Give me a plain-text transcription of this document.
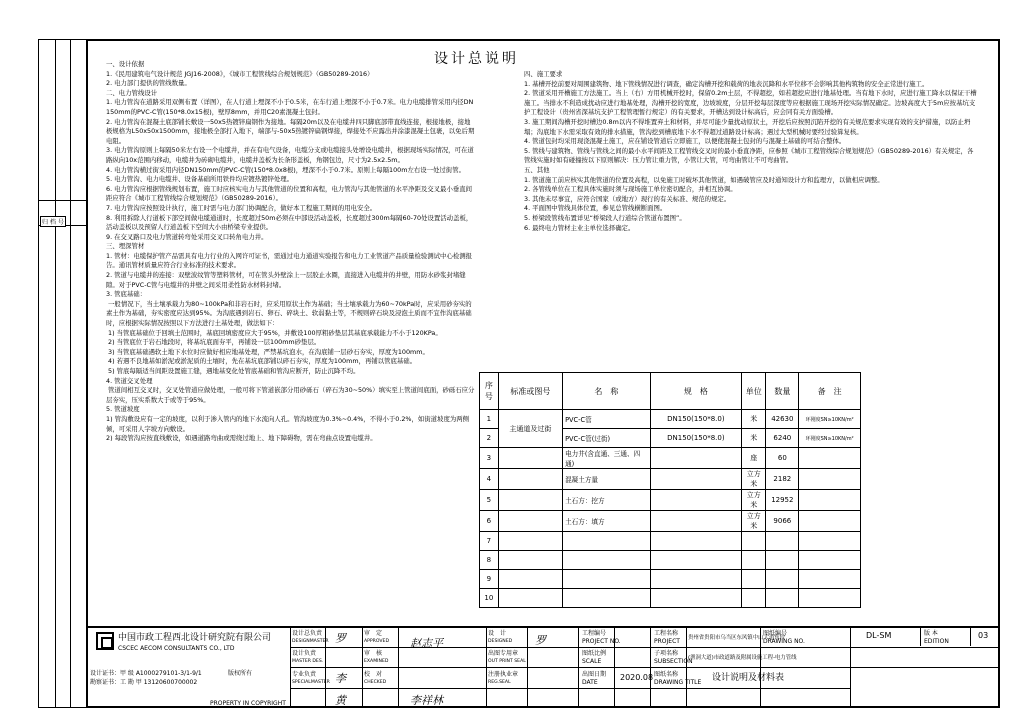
归 档 号
设计总说明
一、设计依据
1.《民用建筑电气设计规范 JGJ16-2008》，《城市工程管线综合规划规范》（GB50289-2016）
2. 电力部门提供的管线数量。
二、电力管线设计
1. 电力管沟在道路采用双侧布置（详图），在人行道上埋深不小于0.5米，在车行道上埋深不小于0.7米。电力电缆排管采用内径DN150mm的PVC-C管(150*8.0x15根)，壁厚8mm，并用C20素混凝土包封。
2. 电力管沟在混凝土底部铺长敷设一50x5热镀锌扁钢作为接地。每隔20m以及在电缆井四只脚底部带直线连接，根接地极，接地极规格为L50x50x1500mm，接地极全部打入地下，端部与-50x5热镀锌扁钢焊接，焊接处不应露出并涂漆混凝土包裹，以免后期电阻。
3. 电力管沟原则上每隔50米左右设一个电缆井，并在有电气设备，电缆分支或电缆接头处增设电缆井，根据现场实际情况，可在道路纵向10x范围内移动，电缆井为砖砌电缆井，电缆井盖板为长条形盖板，角钢包边，尺寸为2.5x2.5m。
4. 电力管沟横过街采用内径DN150mm的PVC-C管(150*8.0x8根)，埋深不小于0.7米。原则上每隔100m左右设一处过街管。
5. 电力管沟、电力电缆井、设备基础所用铁件均应镀热镀锌处理。
6. 电力管沟应根据管线规划布置，施工时应核实电力与其他管道的位置和高程，电力管沟与其他管道的水平净距及交叉最小垂直间距应符合《城市工程管线综合规划规范》（GB50289-2016）。
7. 电力管沟应按照设计执行，施工时需与电力部门协调配合，做好本工程施工期间的用电安全。
8. 利用拆除人行道板下部空间做电缆通道时，长度超过50m必须在中部设活动盖板，长度超过300m每隔60-70处设置活动盖板，活动盖板以及预留人行道盖板下空间大小由桥梁专业提供。
9. 在交叉路口及电力管道转弯处采用交叉口转角电力井。
三、埋深管材
1. 管材：电缆保护管产品需具有电力行业的入网许可证书，需通过电力通道实验报告和电力工业管道产品质量检验测试中心检测报告。通讯管材质量应符合行业标准的技术要求。
2. 管道与电缆井的连接：双壁波纹管等塑料管材，可在管头外壁涂上一层胶止水圈，直接进入电缆井的井壁，用防水砂浆封堵缝隙。对于PVC-C管与电缆井的井壁之间采用柔性防水材料封堵。
3. 管底基础：
一般情况下，当土壤承载力为80~100kPa和非岩石时，应采用原状土作为基础；当土壤承载力为60~70kPa时，应采用砂夯实的素土作为基础，夯实密度应达到95%。为沟底遇到岩石、卵石、碎块土、软弱黏土等，不规则碎石块及浸泡土质而不宜作沟底基础时，应根据实际情况按照以下方法进行土基处理，做法如下：
1) 当管底基础位于回填土范围时，基底回填密度应大于95%，并敷设100厚粗砂垫层其基底承载能力不小于120KPa。
2) 当管底位于岩石地段时，将基坑底面夯平，再铺设一层100mm砂垫层。
3) 当管底基础遇软土地下水位时应做好相应地基处理，严禁基坑泡水，在沟底铺一层砂石夯实，厚度为100mm。
4) 若遇不良地基如淤泥或淤泥质的土壤时，先在基坑底部铺以碎石夯实，厚度为100mm，再铺以管底基础。
5) 管底每隔适当间距设置施工缝，遇地基变化处管底基础和管沟应断开，防止沉降不均。
4. 管道交叉处理
管道间相互交叉时，交叉处管道应做处理，一般可将下管道嵌部分用砂砾石（碎石为30~50%）填实至上管道间底面，砂砾石应分层夯实，压实系数大于或等于95%。
5. 管道坡度
1) 管沟敷设应有一定的坡度，以利于渗入管内的地下水流向人孔。管沟坡度为0.3%~0.4%，不得小于0.2%，如街道坡度为两侧倾，可采用人字坡方向敷设。
2) 每段管沟应按直线敷设，如遇道路弯曲或需绕过地上、地下障碍物，需在弯曲点设置电缆井。
四、施工要求
1. 基槽开挖前要对周围建筑物、地下管线情况进行调查，确定沟槽开挖和载荷的地表沉降和水平位移不会影响其他构筑物的安全正常进行施工。
2. 管道采用开槽施工方法施工。当上（右）方用机械开挖时，保留0.2m土层，不得超挖，如若超挖应进行地基处理。当有地下水时，应进行施工降水以保证干槽施工。当排水不利造成扰动应进行地基处理，沟槽开挖的宽度，边坡坡度，分层开挖每层深度等应根据施工现场开挖实际情况确定。边坡高度大于5m应按基坑支护工程设计（贵州省深基坑支护工程管理暂行规定）的有关要求，开槽达到设计标高后，应会同有关方面验槽。
3. 施工期间沟槽开挖时槽边0.8m以内不得堆置弃土和材料，并尽可能少量扰动原状土，开挖后应按照沉陷开挖的有关规范要求实现有效的支护措施，以防止坍塌；沟底地下水需采取有效的排水措施，管沟挖到槽底地下水不得超过道路设计标高；遇过大型机械时要经过验算复核。
4. 管道包封均采用现浇混凝土施工，应在铺设管道后立即施工，以便使混凝土包封的与混凝土基础的可结合整体。
5. 管线与建筑物、管线与管线之间的最小水平间距及工程管线交叉时的最小垂直净距，应参照《城市工程管线综合规划规范》（GB50289-2016）有关规定，各管线实施时如有碰撞按以下原则解决：压力管让重力管，小管让大管，可弯曲管让不可弯曲管。
五、其他
1. 管道施工前应核实其他管道的位置及高程，以免施工时破坏其他管道，如遇破管应及时通知设计方和监理方，以做相应调整。
2. 各管线单位在工程具体实施时须与现场施工单位密切配合，并相互协调。
3. 其他未尽事宜，应符合国家（或地方）现行的有关标准、规范的规定。
4. 平面图中管线具体位置，参见总管线横断面图。
5. 桥梁段管线布置详见“桥梁段人行道综合管道布置图”。
6. 最终电力管材主业主单位选择确定。
序号	标准或图号	名　称	规　格	单位	数量	备　注
1	主通道及过街	PVC-C管	DN150(150*8.0)	米	42630	环刚度SN≥10KN/m²
2		PVC-C管(过街)	DN150(150*8.0)	米	6240	环刚度SN≥10KN/m²
3		电力井(含直通、三通、四通)		座	60	
4		混凝土方量		立方米	2182	
5		土石方：挖方		立方米	12952	
6		土石方：填方		立方米	9066	
7						
8						
9						
10						
中国市政工程西北设计研究院有限公司
CSCEC AECOM CONSULTANTS CO., LTD
设计证书：甲 级 A1000279101-3/1-9/1
勘察证书：工 勘 甲 13120600700002
版权所有
PROPERTY IN COPYRIGHT
设计总负责
DESIGNMASTER
设计负责
MASTER DES.
专业负责
SPECIALMASTER
审　定
APPROVED
审　核
EXAMINED
校　对
CHECKED
设　计
DESIGNED
出图专用章
OUT PRINT SEAL
注册执业章
REG.SEAL
罗	赵志平
黄
李
李祥林
罗
工程编号
PROJECT NO.
图纸比例
SCALE
出图日期
DATE
2020.08
工程名称
PROJECT 贵州省贵阳市乌当区东风镇中山大道东段
子项名称
SUBSECTION
(渔洞大道)市政道路及附属设施工程-电力管线
图纸名称
DRAWING TITLE 设计说明及材料表
图纸编号
DRAWING NO.
DL-SM	版 本
EDITION
03
